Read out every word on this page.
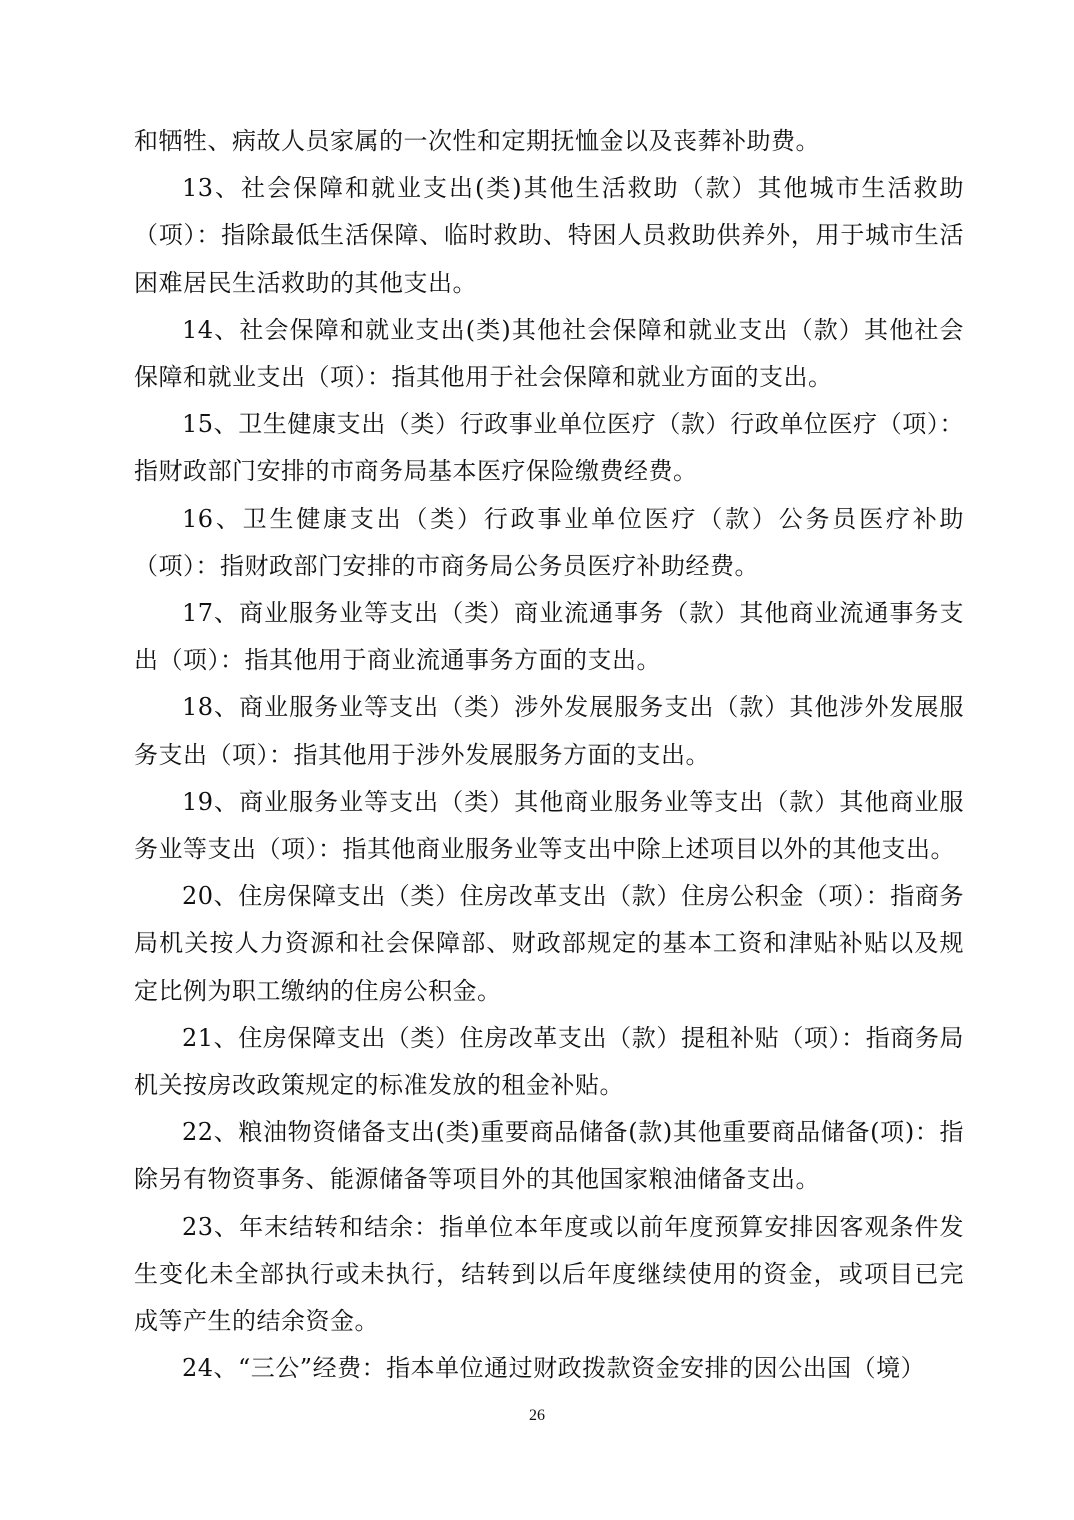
和牺牲、病故人员家属的一次性和定期抚恤金以及丧葬补助费。

13、社会保障和就业支出(类)其他生活救助（款）其他城市生活救助（项）：指除最低生活保障、临时救助、特困人员救助供养外，用于城市生活困难居民生活救助的其他支出。

14、社会保障和就业支出(类)其他社会保障和就业支出（款）其他社会保障和就业支出（项）：指其他用于社会保障和就业方面的支出。

15、卫生健康支出（类）行政事业单位医疗（款）行政单位医疗（项）：指财政部门安排的市商务局基本医疗保险缴费经费。

16、卫生健康支出（类）行政事业单位医疗（款）公务员医疗补助（项）：指财政部门安排的市商务局公务员医疗补助经费。

17、商业服务业等支出（类）商业流通事务（款）其他商业流通事务支出（项）：指其他用于商业流通事务方面的支出。

18、商业服务业等支出（类）涉外发展服务支出（款）其他涉外发展服务支出（项）：指其他用于涉外发展服务方面的支出。

19、商业服务业等支出（类）其他商业服务业等支出（款）其他商业服务业等支出（项）：指其他商业服务业等支出中除上述项目以外的其他支出。

20、住房保障支出（类）住房改革支出（款）住房公积金（项）：指商务局机关按人力资源和社会保障部、财政部规定的基本工资和津贴补贴以及规定比例为职工缴纳的住房公积金。

21、住房保障支出（类）住房改革支出（款）提租补贴（项）：指商务局机关按房改政策规定的标准发放的租金补贴。

22、粮油物资储备支出(类)重要商品储备(款)其他重要商品储备(项)：指除另有物资事务、能源储备等项目外的其他国家粮油储备支出。

23、年末结转和结余：指单位本年度或以前年度预算安排因客观条件发生变化未全部执行或未执行，结转到以后年度继续使用的资金，或项目已完成等产生的结余资金。

24、“三公”经费：指本单位通过财政拨款资金安排的因公出国（境）

26
